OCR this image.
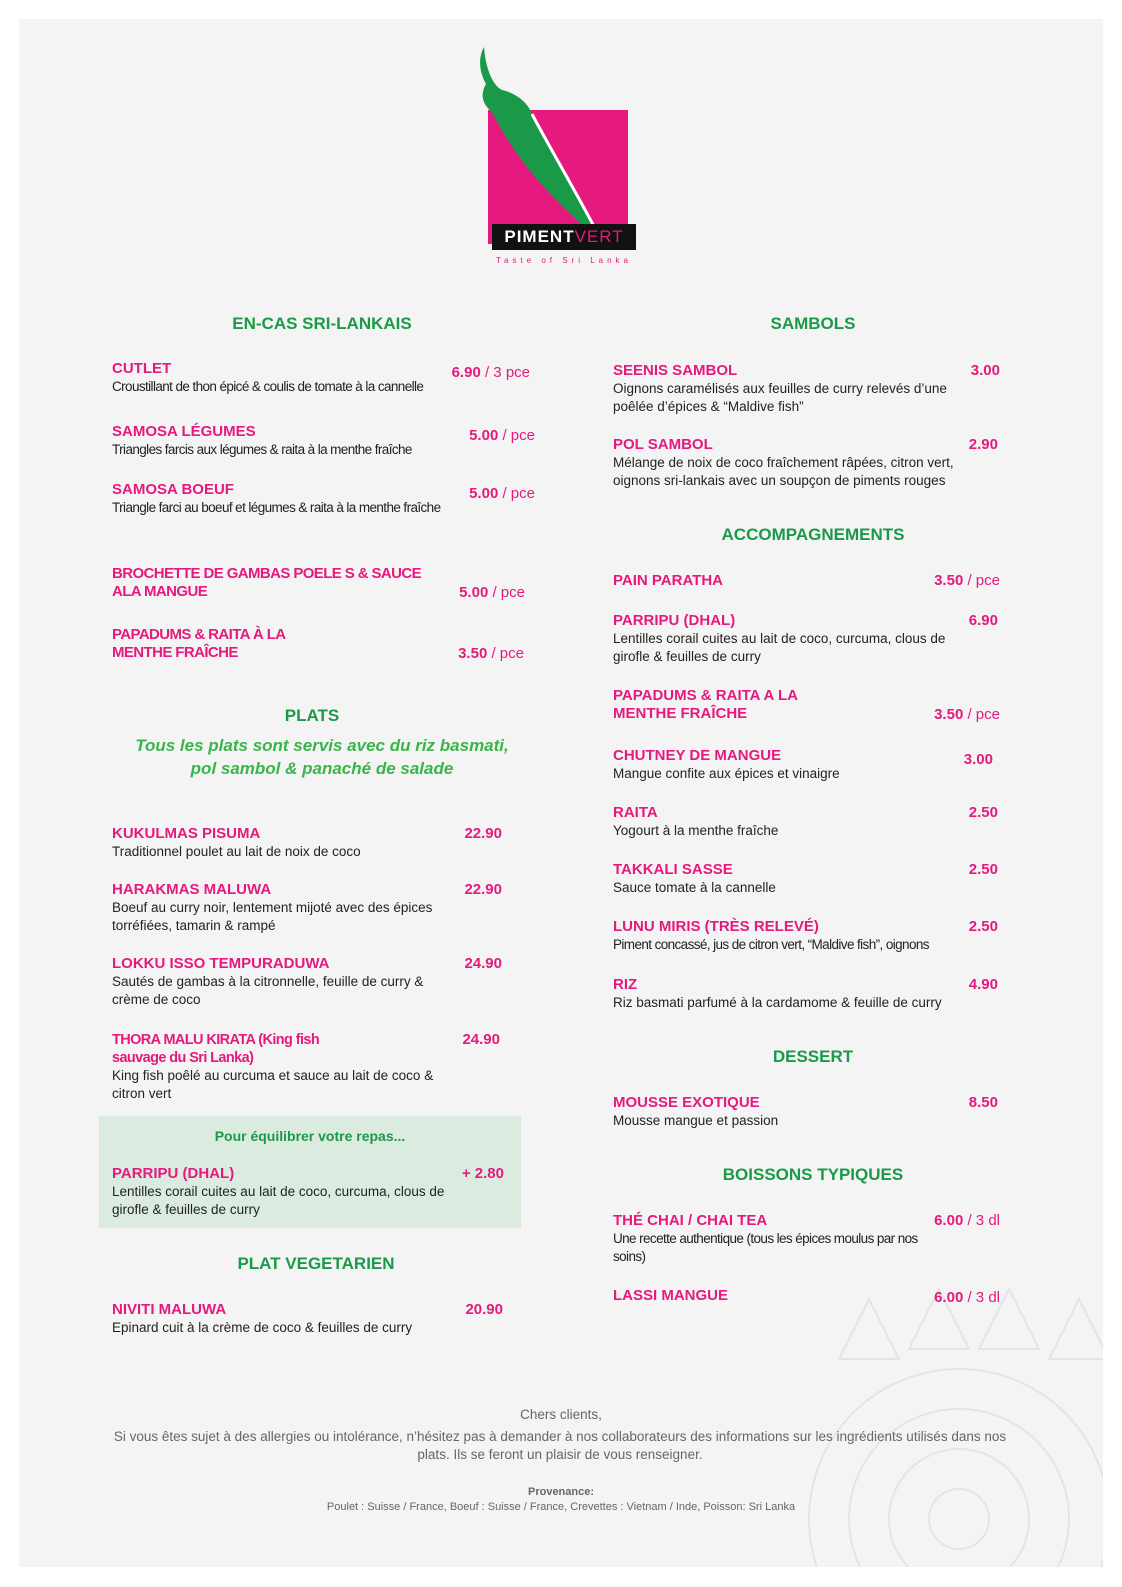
PIMENTVERT
Taste of Sri Lanka
EN-CAS SRI-LANKAIS
CUTLET
Croustillant de thon épicé & coulis de tomate à la cannelle
6.90 / 3 pce
SAMOSA LÉGUMES
Triangles farcis aux légumes & raita à la menthe fraîche
5.00 / pce
SAMOSA BOEUF
Triangle farci au boeuf et légumes & raita à la menthe fraîche
5.00 / pce
BROCHETTE DE GAMBAS POELE S & SAUCE ALA MANGUE	5.00 / pce
PAPADUMS & RAITA À LA MENTHE FRAÎCHE	3.50 / pce
PLATS
Tous les plats sont servis avec du riz basmati, pol sambol & panaché de salade
KUKULMAS PISUMA
Traditionnel poulet au lait de noix de coco
22.90
HARAKMAS MALUWA
Boeuf au curry noir, lentement mijoté avec des épices torréfiées, tamarin & rampé
22.90
LOKKU ISSO TEMPURADUWA
Sautés de gambas à la citronnelle, feuille de curry & crème de coco
24.90
THORA MALU KIRATA (King fish sauvage du Sri Lanka)
King fish poêlé au curcuma et sauce au lait de coco & citron vert
24.90
Pour équilibrer votre repas...
PARRIPU (DHAL)
Lentilles corail cuites au lait de coco, curcuma, clous de girofle & feuilles de curry
+ 2.80
PLAT VEGETARIEN
NIVITI MALUWA
Epinard cuit à la crème de coco & feuilles de curry
20.90
SAMBOLS
SEENIS SAMBOL
Oignons caramélisés aux feuilles de curry relevés d’une poêlée d’épices & “Maldive fish”
3.00
POL SAMBOL
Mélange de noix de coco fraîchement râpées, citron vert, oignons sri-lankais avec un soupçon de piments rouges
2.90
ACCOMPAGNEMENTS
PAIN PARATHA	3.50 / pce
PARRIPU (DHAL)
Lentilles corail cuites au lait de coco, curcuma, clous de girofle & feuilles de curry
6.90
PAPADUMS & RAITA A LA MENTHE FRAÎCHE	3.50 / pce
CHUTNEY DE MANGUE
Mangue confite aux épices et vinaigre
3.00
RAITA
Yogourt à la menthe fraîche
2.50
TAKKALI SASSE
Sauce tomate à la cannelle
2.50
LUNU MIRIS (TRÈS RELEVÉ)
Piment concassé, jus de citron vert, “Maldive fish”, oignons
2.50
RIZ
Riz basmati parfumé à la cardamome & feuille de curry
4.90
DESSERT
MOUSSE EXOTIQUE
Mousse mangue et passion
8.50
BOISSONS TYPIQUES
THÉ CHAI / CHAI TEA
Une recette authentique (tous les épices moulus par nos soins)
6.00 / 3 dl
LASSI MANGUE	6.00 / 3 dl
Chers clients,
Si vous êtes sujet à des allergies ou intolérance, n’hésitez pas à demander à nos collaborateurs des informations sur les ingrédients utilisés dans nos plats. Ils se feront un plaisir de vous renseigner.
Provenance:
Poulet : Suisse / France, Boeuf : Suisse / France, Crevettes : Vietnam / Inde, Poisson: Sri Lanka
